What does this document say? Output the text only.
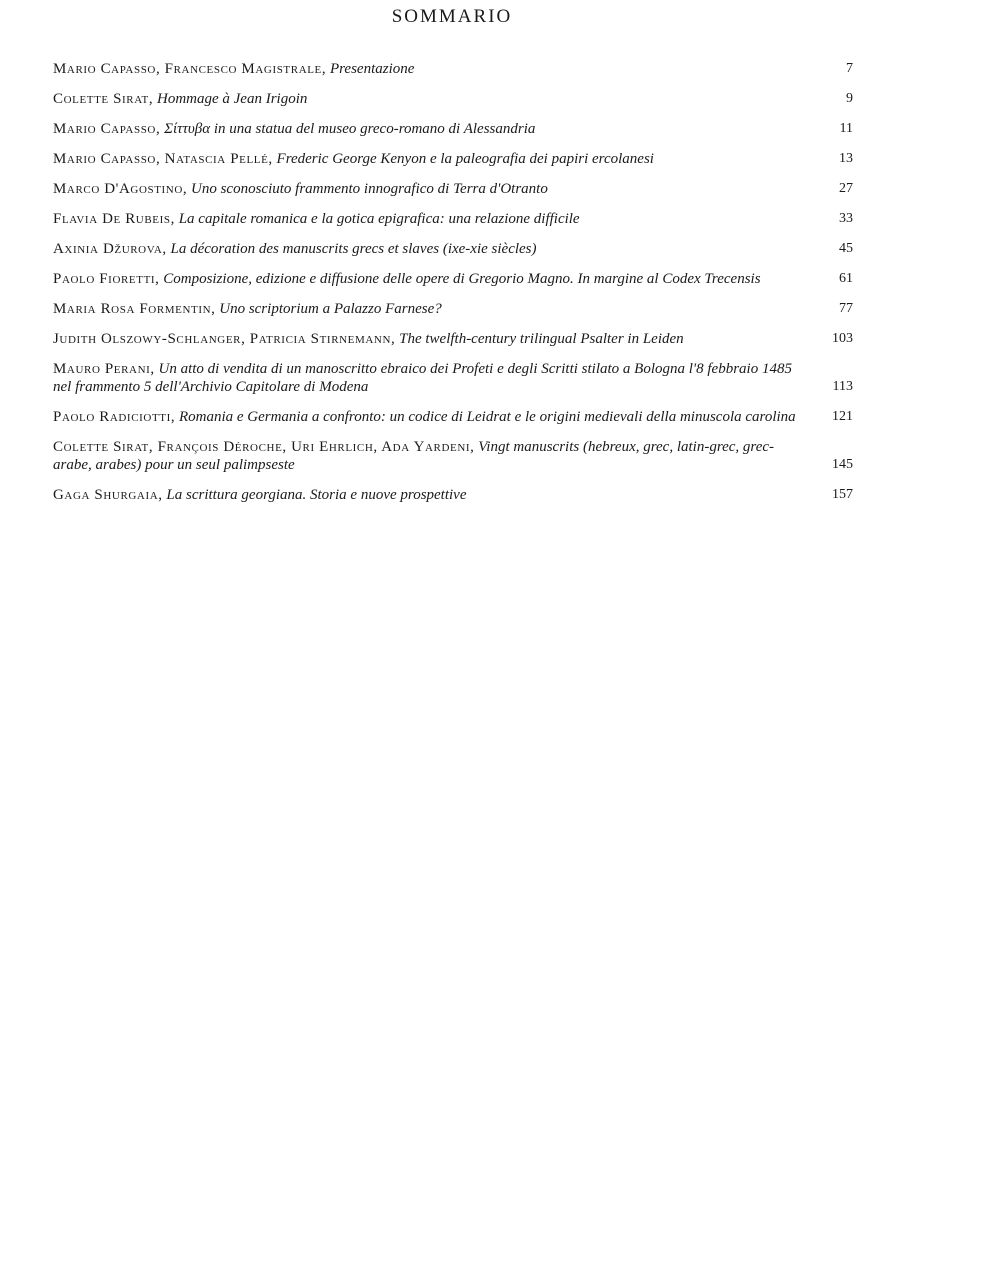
SOMMARIO
Mario Capasso, Francesco Magistrale, Presentazione	7
Colette Sirat, Hommage à Jean Irigoin	9
Mario Capasso, Σίττυβα in una statua del museo greco-romano di Alessandria	11
Mario Capasso, Natascia Pellé, Frederic George Kenyon e la paleografia dei papiri ercolanesi	13
Marco D'Agostino, Uno sconosciuto frammento innografico di Terra d'Otranto	27
Flavia De Rubeis, La capitale romanica e la gotica epigrafica: una relazione difficile	33
Axinia Džurova, La décoration des manuscrits grecs et slaves (ixe-xie siècles)	45
Paolo Fioretti, Composizione, edizione e diffusione delle opere di Gregorio Magno. In margine al Codex Trecensis	61
Maria Rosa Formentin, Uno scriptorium a Palazzo Farnese?	77
Judith Olszowy-Schlanger, Patricia Stirnemann, The twelfth-century trilingual Psalter in Leiden	103
Mauro Perani, Un atto di vendita di un manoscritto ebraico dei Profeti e degli Scritti stilato a Bologna l'8 febbraio 1485 nel frammento 5 dell'Archivio Capitolare di Modena	113
Paolo Radiciotti, Romania e Germania a confronto: un codice di Leidrat e le origini medievali della minuscola carolina	121
Colette Sirat, François Déroche, Uri Ehrlich, Ada Yardeni, Vingt manuscrits (hebreux, grec, latin-grec, grec-arabe, arabes) pour un seul palimpseste	145
Gaga Shurgaia, La scrittura georgiana. Storia e nuove prospettive	157
